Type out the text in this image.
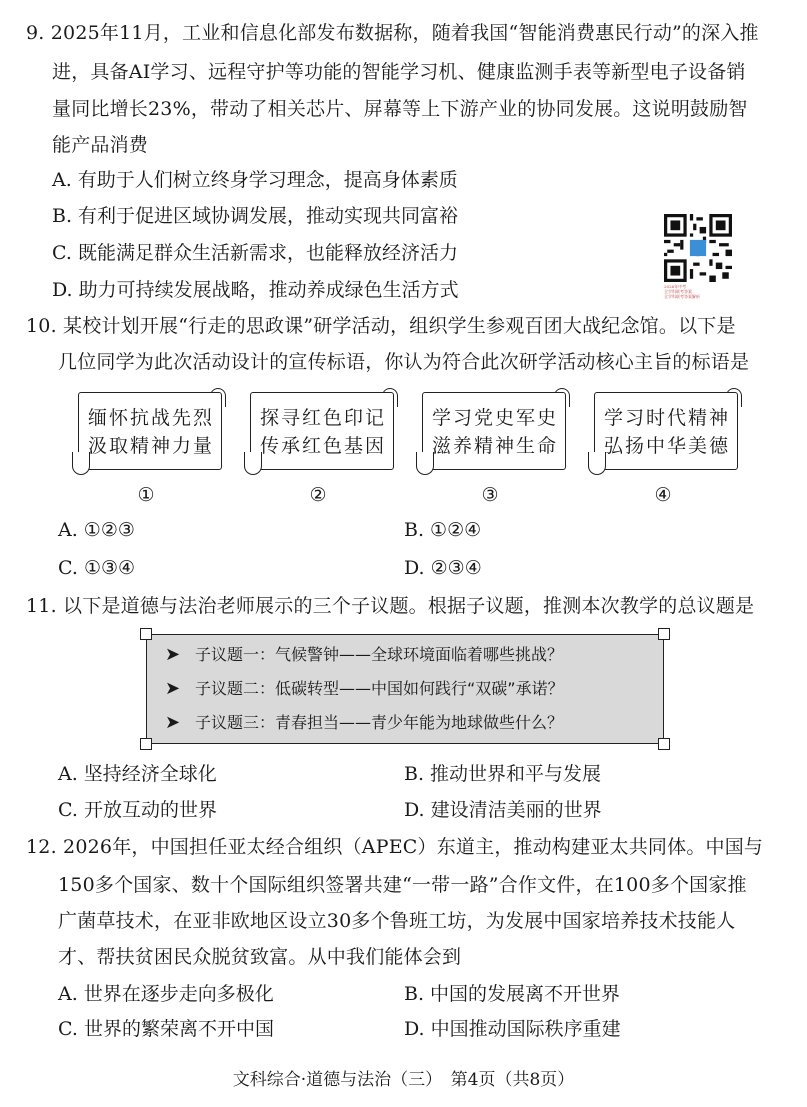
9. 2025年11月，工业和信息化部发布数据称，随着我国“智能消费惠民行动”的深入推
进，具备AI学习、远程守护等功能的智能学习机、健康监测手表等新型电子设备销
量同比增长23%，带动了相关芯片、屏幕等上下游产业的协同发展。这说明鼓励智
能产品消费
A. 有助于人们树立终身学习理念，提高身体素质
B. 有利于促进区域协调发展，推动实现共同富裕
C. 既能满足群众生活新需求，也能释放经济活力
D. 助力可持续发展战略，推动养成绿色生活方式	2026年中考
全学科联考答案
全学科联考答案解析
10. 某校计划开展“行走的思政课”研学活动，组织学生参观百团大战纪念馆。以下是
几位同学为此次活动设计的宣传标语，你认为符合此次研学活动核心主旨的标语是
缅怀抗战先烈
汲取精神力量
探寻红色印记
传承红色基因
学习党史军史
滋养精神生命
学习时代精神
弘扬中华美德
①	②	③	④
A. ①②③	B. ①②④
C. ①③④	D. ②③④
11. 以下是道德与法治老师展示的三个子议题。根据子议题，推测本次教学的总议题是
➤ 子议题一：气候警钟——全球环境面临着哪些挑战？
➤ 子议题二：低碳转型——中国如何践行“双碳”承诺？
➤ 子议题三：青春担当——青少年能为地球做些什么？
A. 坚持经济全球化	B. 推动世界和平与发展
C. 开放互动的世界	D. 建设清洁美丽的世界
12. 2026年，中国担任亚太经合组织（APEC）东道主，推动构建亚太共同体。中国与
150多个国家、数十个国际组织签署共建“一带一路”合作文件，在100多个国家推
广菌草技术，在亚非欧地区设立30多个鲁班工坊，为发展中国家培养技术技能人
才、帮扶贫困民众脱贫致富。从中我们能体会到
A. 世界在逐步走向多极化	B. 中国的发展离不开世界
C. 世界的繁荣离不开中国	D. 中国推动国际秩序重建
文科综合·道德与法治（三）　第4页（共8页）
